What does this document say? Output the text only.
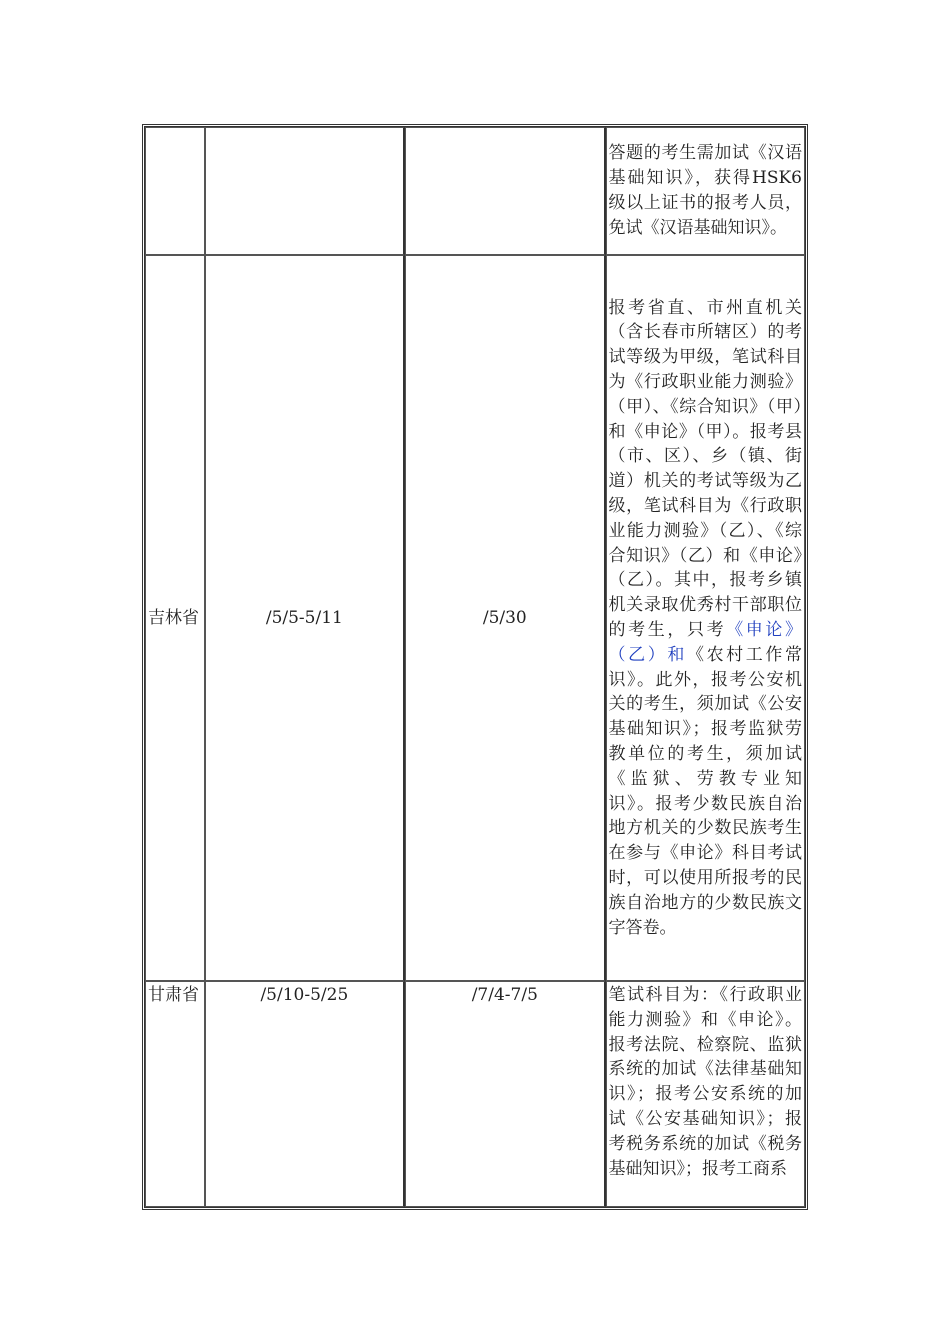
			答题的考生需加试《汉语基础知识》，获得HSK6级以上证书的报考人员，免试《汉语基础知识》。
吉林省	/5/5-5/11	/5/30	报考省直、市州直机关（含长春市所辖区）的考试等级为甲级，笔试科目为《行政职业能力测验》（甲）、《综合知识》（甲）和《申论》（甲）。报考县（市、区）、乡（镇、街道）机关的考试等级为乙级，笔试科目为《行政职业能力测验》（乙）、《综合知识》（乙）和《申论》（乙）。其中，报考乡镇机关录取优秀村干部职位的考生，只考《申论》（乙）和《农村工作常识》。此外，报考公安机关的考生，须加试《公安基础知识》；报考监狱劳教单位的考生，须加试《监狱、劳教专业知识》。报考少数民族自治地方机关的少数民族考生在参与《申论》科目考试时，可以使用所报考的民族自治地方的少数民族文字答卷。
甘肃省	/5/10-5/25	/7/4-7/5	笔试科目为：《行政职业能力测验》和《申论》。报考法院、检察院、监狱系统的加试《法律基础知识》；报考公安系统的加试《公安基础知识》；报考税务系统的加试《税务基础知识》；报考工商系
